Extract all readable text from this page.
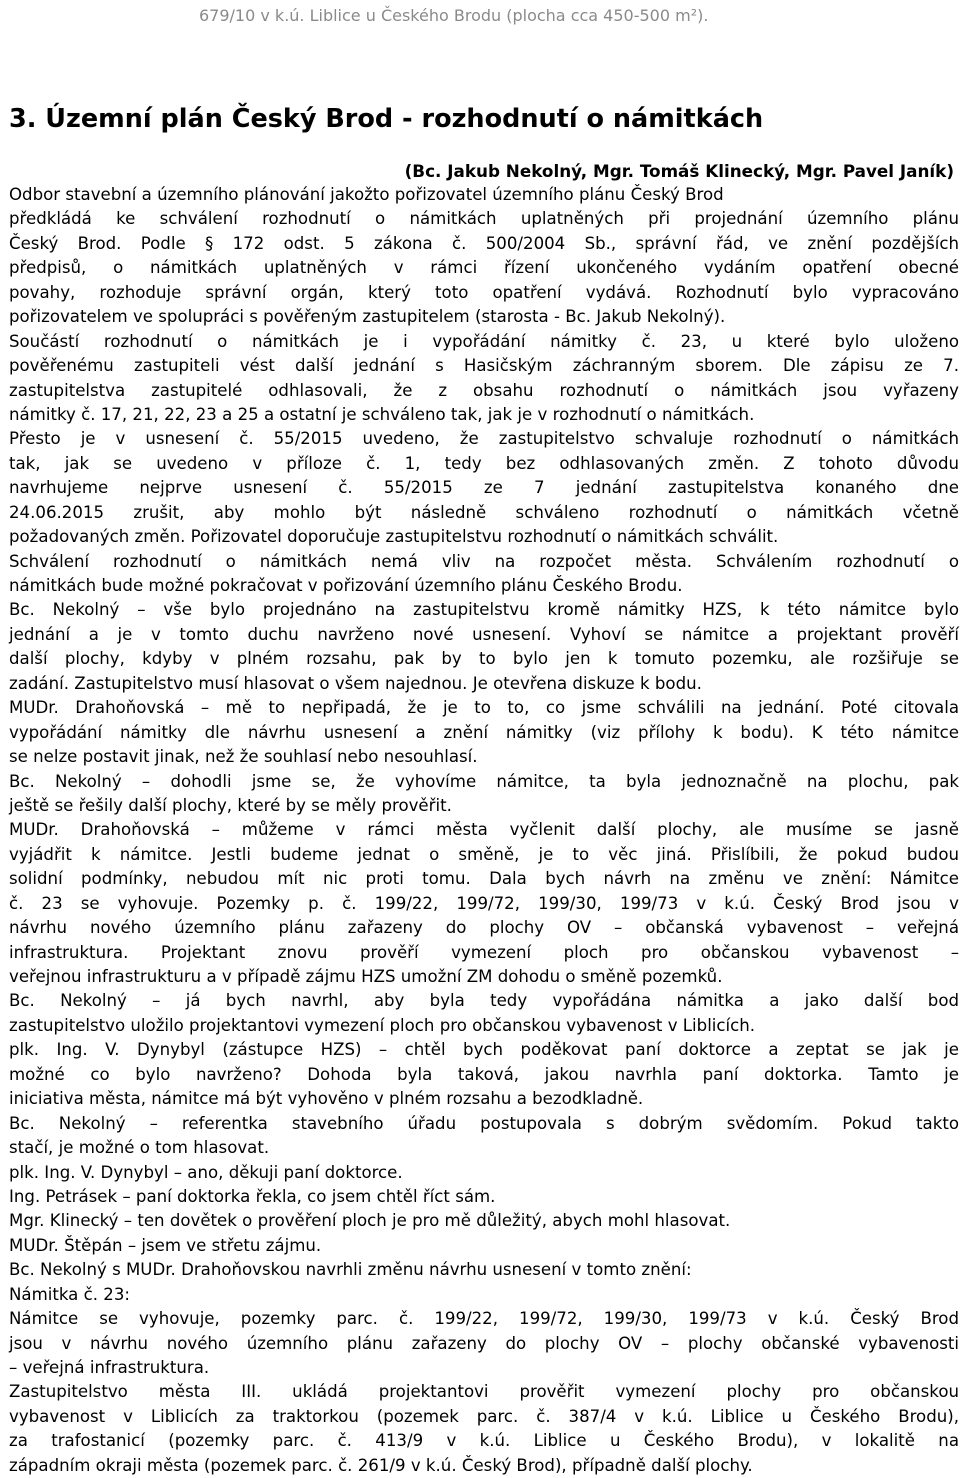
679/10 v k.ú. Liblice u Českého Brodu (plocha cca 450-500 m²).
3. Územní plán Český Brod - rozhodnutí o námitkách
(Bc. Jakub Nekolný, Mgr. Tomáš Klinecký, Mgr. Pavel Janík)
Odbor stavební a územního plánování jakožto pořizovatel územního plánu Český Brod
předkládá ke schválení rozhodnutí o námitkách uplatněných při projednání územního plánu
Český Brod. Podle § 172 odst. 5 zákona č. 500/2004 Sb., správní řád, ve znění pozdějších
předpisů, o námitkách uplatněných v rámci řízení ukončeného vydáním opatření obecné
povahy, rozhoduje správní orgán, který toto opatření vydává. Rozhodnutí bylo vypracováno
pořizovatelem ve spolupráci s pověřeným zastupitelem (starosta - Bc. Jakub Nekolný).
Součástí rozhodnutí o námitkách je i vypořádání námitky č. 23, u které bylo uloženo
pověřenému zastupiteli vést další jednání s Hasičským záchranným sborem. Dle zápisu ze 7.
zastupitelstva zastupitelé odhlasovali, že z obsahu rozhodnutí o námitkách jsou vyřazeny
námitky č. 17, 21, 22, 23 a 25 a ostatní je schváleno tak, jak je v rozhodnutí o námitkách.
Přesto je v usnesení č. 55/2015 uvedeno, že zastupitelstvo schvaluje rozhodnutí o námitkách
tak, jak se uvedeno v příloze č. 1, tedy bez odhlasovaných změn. Z tohoto důvodu
navrhujeme nejprve usnesení č. 55/2015 ze 7 jednání zastupitelstva konaného dne
24.06.2015 zrušit, aby mohlo být následně schváleno rozhodnutí o námitkách včetně
požadovaných změn. Pořizovatel doporučuje zastupitelstvu rozhodnutí o námitkách schválit.
Schválení rozhodnutí o námitkách nemá vliv na rozpočet města. Schválením rozhodnutí o
námitkách bude možné pokračovat v pořizování územního plánu Českého Brodu.
Bc. Nekolný – vše bylo projednáno na zastupitelstvu kromě námitky HZS, k této námitce bylo
jednání a je v tomto duchu navrženo nové usnesení. Vyhoví se námitce a projektant prověří
další plochy, kdyby v plném rozsahu, pak by to bylo jen k tomuto pozemku, ale rozšiřuje se
zadání. Zastupitelstvo musí hlasovat o všem najednou. Je otevřena diskuze k bodu.
MUDr. Drahoňovská – mě to nepřipadá, že je to to, co jsme schválili na jednání. Poté citovala
vypořádání námitky dle návrhu usnesení a znění námitky (viz přílohy k bodu). K této námitce
se nelze postavit jinak, než že souhlasí nebo nesouhlasí.
Bc. Nekolný – dohodli jsme se, že vyhovíme námitce, ta byla jednoznačně na plochu, pak
ještě se řešily další plochy, které by se měly prověřit.
MUDr. Drahoňovská – můžeme v rámci města vyčlenit další plochy, ale musíme se jasně
vyjádřit k námitce. Jestli budeme jednat o směně, je to věc jiná. Přislíbili, že pokud budou
solidní podmínky, nebudou mít nic proti tomu. Dala bych návrh na změnu ve znění: Námitce
č. 23 se vyhovuje. Pozemky p. č. 199/22, 199/72, 199/30, 199/73 v k.ú. Český Brod jsou v
návrhu nového územního plánu zařazeny do plochy OV – občanská vybavenost – veřejná
infrastruktura. Projektant znovu prověří vymezení ploch pro občanskou vybavenost –
veřejnou infrastrukturu a v případě zájmu HZS umožní ZM dohodu o směně pozemků.
Bc. Nekolný – já bych navrhl, aby byla tedy vypořádána námitka a jako další bod
zastupitelstvo uložilo projektantovi vymezení ploch pro občanskou vybavenost v Liblicích.
plk. Ing. V. Dynybyl (zástupce HZS) – chtěl bych poděkovat paní doktorce a zeptat se jak je
možné co bylo navrženo? Dohoda byla taková, jakou navrhla paní doktorka. Tamto je
iniciativa města, námitce má být vyhověno v plném rozsahu a bezodkladně.
Bc. Nekolný – referentka stavebního úřadu postupovala s dobrým svědomím. Pokud takto
stačí, je možné o tom hlasovat.
plk. Ing. V. Dynybyl – ano, děkuji paní doktorce.
Ing. Petrásek – paní doktorka řekla, co jsem chtěl říct sám.
Mgr. Klinecký – ten dovětek o prověření ploch je pro mě důležitý, abych mohl hlasovat.
MUDr. Štěpán – jsem ve střetu zájmu.
Bc. Nekolný s MUDr. Drahoňovskou navrhli změnu návrhu usnesení v tomto znění:
Námitka č. 23:
Námitce se vyhovuje, pozemky parc. č. 199/22, 199/72, 199/30, 199/73 v k.ú. Český Brod
jsou v návrhu nového územního plánu zařazeny do plochy OV – plochy občanské vybavenosti
– veřejná infrastruktura.
Zastupitelstvo města III. ukládá projektantovi prověřit vymezení plochy pro občanskou
vybavenost v Liblicích za traktorkou (pozemek parc. č. 387/4 v k.ú. Liblice u Českého Brodu),
za trafostanicí (pozemky parc. č. 413/9 v k.ú. Liblice u Českého Brodu), v lokalitě na
západním okraji města (pozemek parc. č. 261/9 v k.ú. Český Brod), případně další plochy.
